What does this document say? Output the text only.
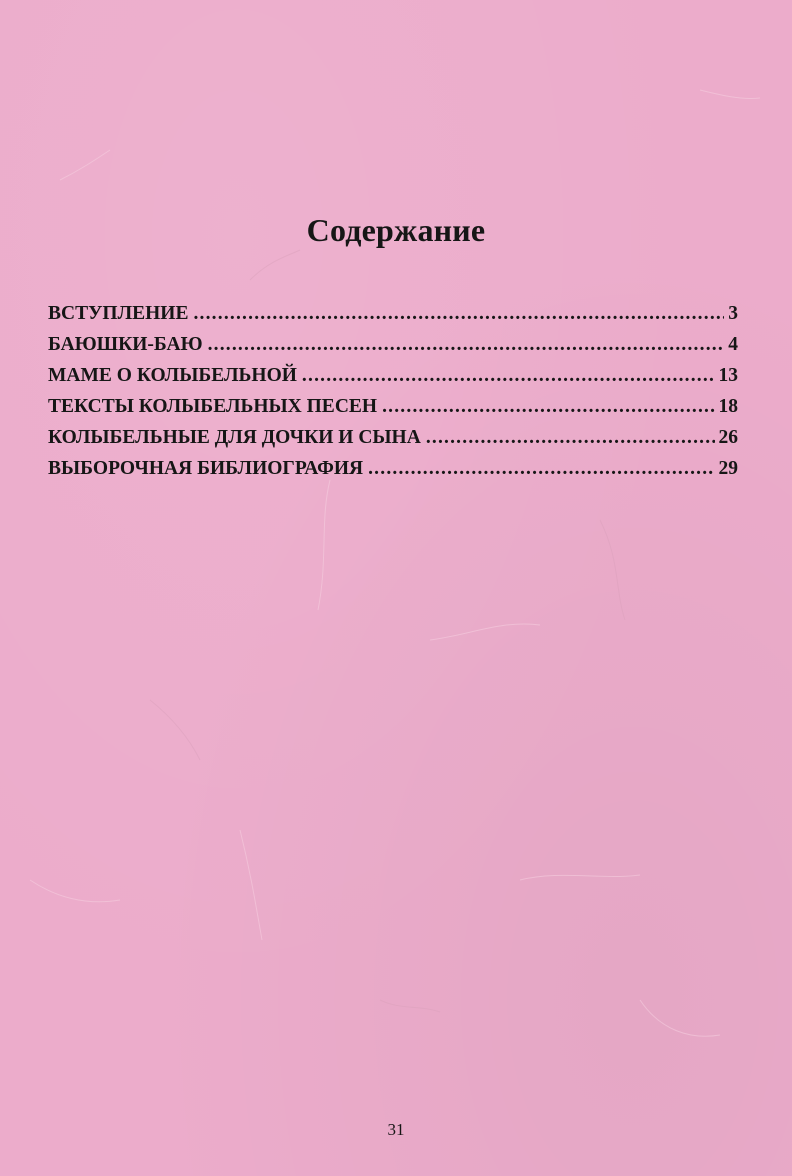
Содержание
ВСТУПЛЕНИЕ .....	3
БАЮШКИ-БАЮ .....	4
МАМЕ О КОЛЫБЕЛЬНОЙ .....	13
ТЕКСТЫ КОЛЫБЕЛЬНЫХ ПЕСЕН .....	18
КОЛЫБЕЛЬНЫЕ ДЛЯ ДОЧКИ И СЫНА .....	26
ВЫБОРОЧНАЯ БИБЛИОГРАФИЯ .....	29
31
